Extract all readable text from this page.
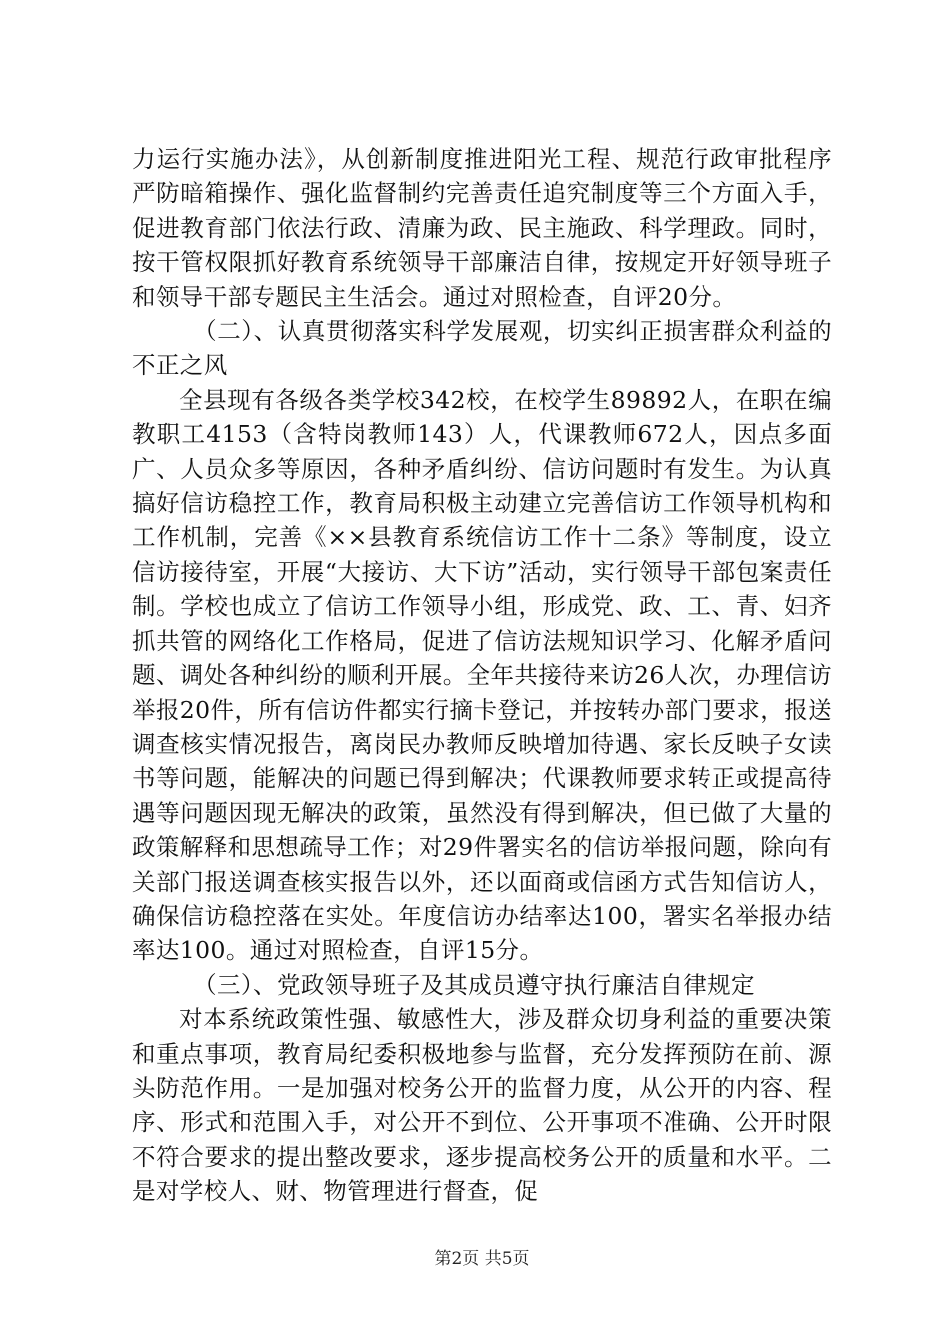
力运行实施办法》，从创新制度推进阳光工程、规范行政审批程序严防暗箱操作、强化监督制约完善责任追究制度等三个方面入手，促进教育部门依法行政、清廉为政、民主施政、科学理政。同时，按干管权限抓好教育系统领导干部廉洁自律，按规定开好领导班子和领导干部专题民主生活会。通过对照检查，自评20分。

（二）、认真贯彻落实科学发展观，切实纠正损害群众利益的不正之风

全县现有各级各类学校342校，在校学生89892人，在职在编教职工4153（含特岗教师143）人，代课教师672人，因点多面广、人员众多等原因，各种矛盾纠纷、信访问题时有发生。为认真搞好信访稳控工作，教育局积极主动建立完善信访工作领导机构和工作机制，完善《××县教育系统信访工作十二条》等制度，设立信访接待室，开展“大接访、大下访”活动，实行领导干部包案责任制。学校也成立了信访工作领导小组，形成党、政、工、青、妇齐抓共管的网络化工作格局，促进了信访法规知识学习、化解矛盾问题、调处各种纠纷的顺利开展。全年共接待来访26人次，办理信访举报20件，所有信访件都实行摘卡登记，并按转办部门要求，报送调查核实情况报告，离岗民办教师反映增加待遇、家长反映子女读书等问题，能解决的问题已得到解决；代课教师要求转正或提高待遇等问题因现无解决的政策，虽然没有得到解决，但已做了大量的政策解释和思想疏导工作；对29件署实名的信访举报问题，除向有关部门报送调查核实报告以外，还以面商或信函方式告知信访人，确保信访稳控落在实处。年度信访办结率达100，署实名举报办结率达100。通过对照检查，自评15分。

（三）、党政领导班子及其成员遵守执行廉洁自律规定

对本系统政策性强、敏感性大，涉及群众切身利益的重要决策和重点事项，教育局纪委积极地参与监督，充分发挥预防在前、源头防范作用。一是加强对校务公开的监督力度，从公开的内容、程序、形式和范围入手，对公开不到位、公开事项不准确、公开时限不符合要求的提出整改要求，逐步提高校务公开的质量和水平。二是对学校人、财、物管理进行督查，促

第2页 共5页
